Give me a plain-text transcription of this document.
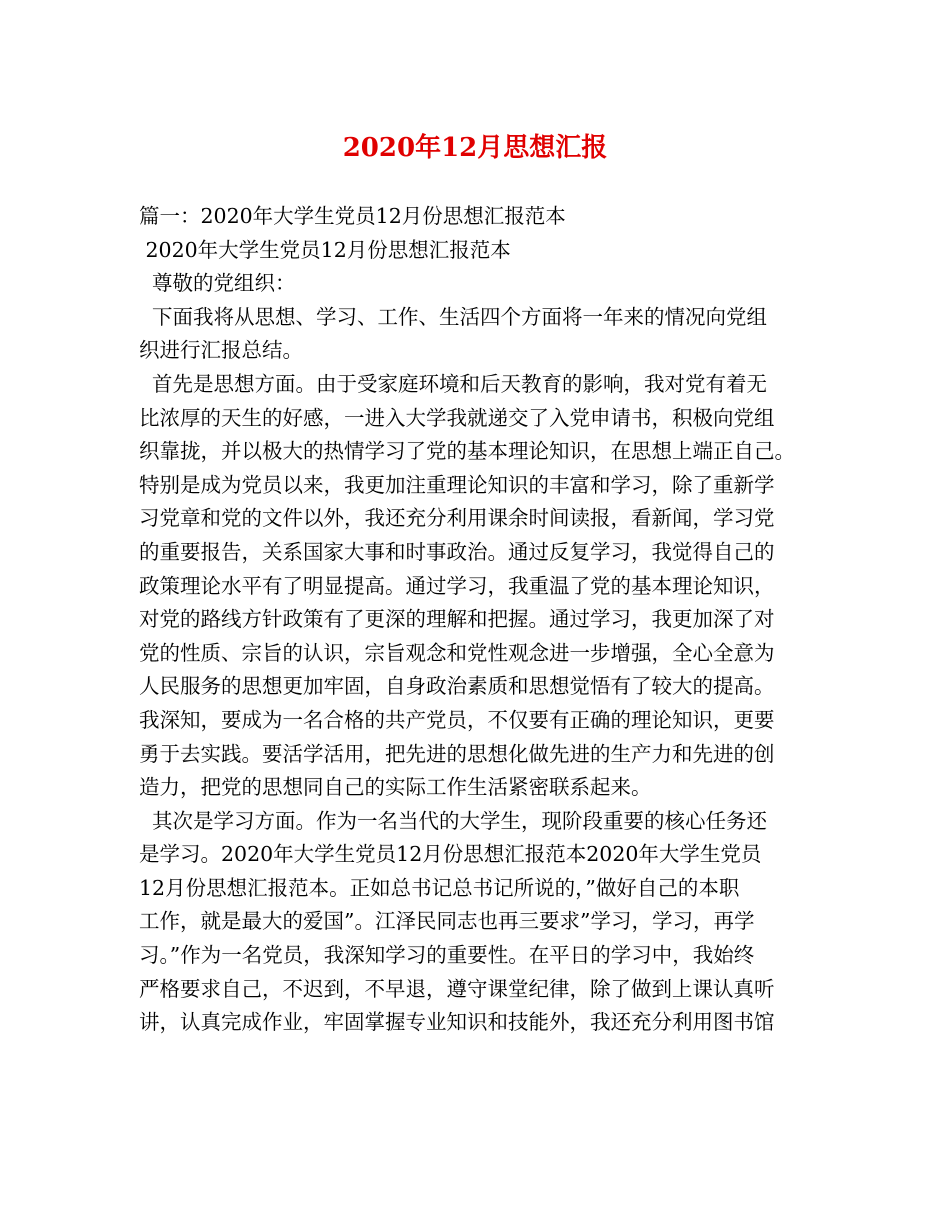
2020年12月思想汇报
篇一：2020年大学生党员12月份思想汇报范本
2020年大学生党员12月份思想汇报范本
尊敬的党组织：
下面我将从思想、学习、工作、生活四个方面将一年来的情况向党组
织进行汇报总结。
首先是思想方面。由于受家庭环境和后天教育的影响，我对党有着无
比浓厚的天生的好感，一进入大学我就递交了入党申请书，积极向党组
织靠拢，并以极大的热情学习了党的基本理论知识，在思想上端正自己。
特别是成为党员以来，我更加注重理论知识的丰富和学习，除了重新学
习党章和党的文件以外，我还充分利用课余时间读报，看新闻，学习党
的重要报告，关系国家大事和时事政治。通过反复学习，我觉得自己的
政策理论水平有了明显提高。通过学习，我重温了党的基本理论知识，
对党的路线方针政策有了更深的理解和把握。通过学习，我更加深了对
党的性质、宗旨的认识，宗旨观念和党性观念进一步增强，全心全意为
人民服务的思想更加牢固，自身政治素质和思想觉悟有了较大的提高。
我深知，要成为一名合格的共产党员，不仅要有正确的理论知识，更要
勇于去实践。要活学活用，把先进的思想化做先进的生产力和先进的创
造力，把党的思想同自己的实际工作生活紧密联系起来。
其次是学习方面。作为一名当代的大学生，现阶段重要的核心任务还
是学习。2020年大学生党员12月份思想汇报范本2020年大学生党员
12月份思想汇报范本。正如总书记总书记所说的，”做好自己的本职
工作，就是最大的爱国”。江泽民同志也再三要求”学习，学习，再学
习。”作为一名党员，我深知学习的重要性。在平日的学习中，我始终
严格要求自己，不迟到，不早退，遵守课堂纪律，除了做到上课认真听
讲，认真完成作业，牢固掌握专业知识和技能外，我还充分利用图书馆
